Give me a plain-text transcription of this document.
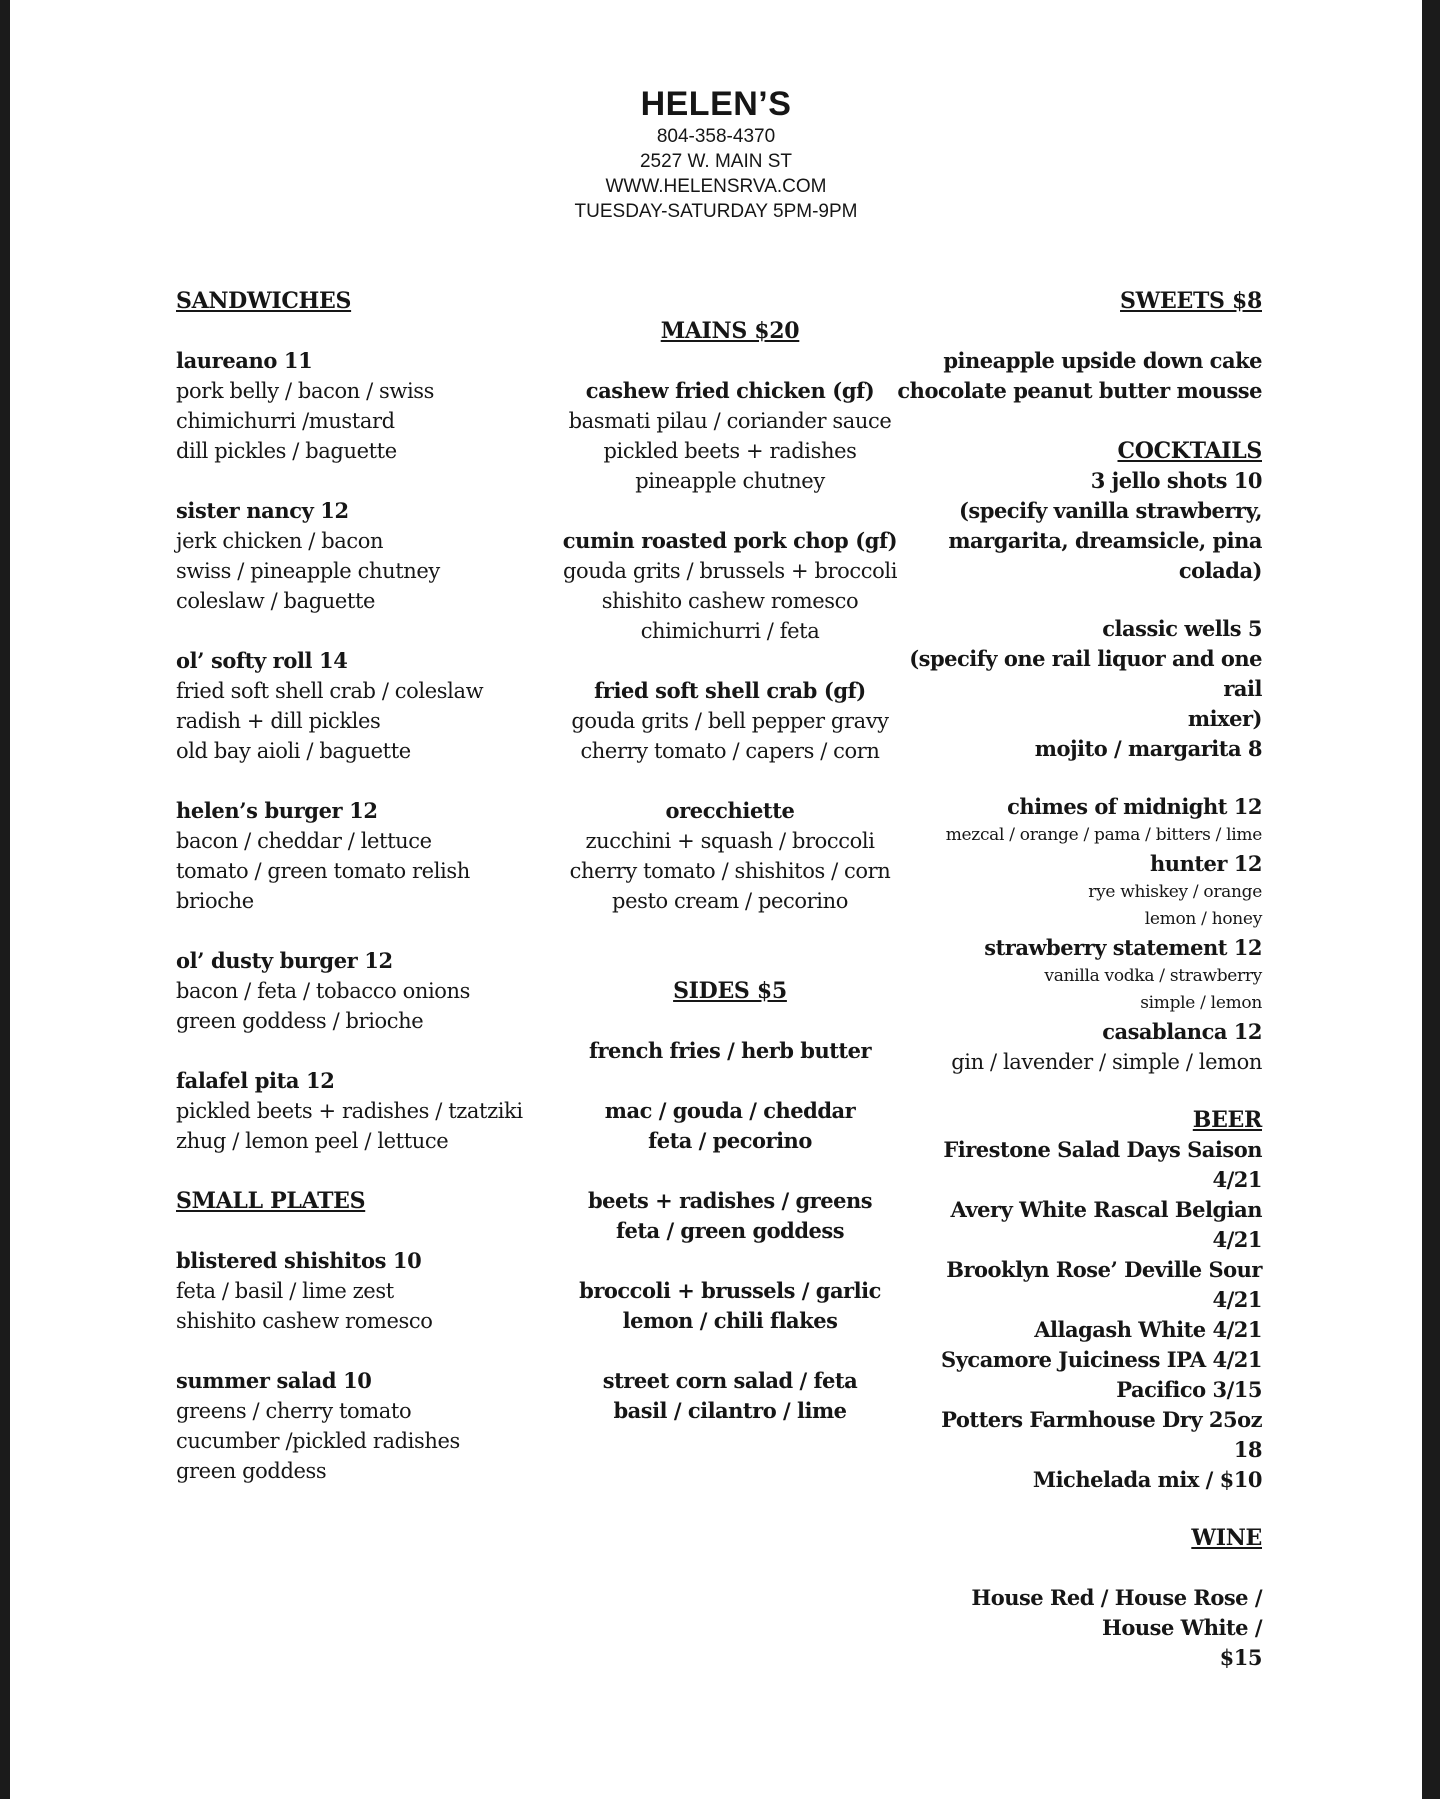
HELEN’S
804-358-4370
2527 W. MAIN ST
WWW.HELENSRVA.COM
TUESDAY-SATURDAY 5PM-9PM
SANDWICHES
laureano 11
pork belly / bacon / swiss
chimichurri /mustard
dill pickles / baguette
sister nancy 12
jerk chicken / bacon
swiss / pineapple chutney
coleslaw / baguette
ol’ softy roll 14
fried soft shell crab / coleslaw
radish + dill pickles
old bay aioli / baguette
helen’s burger 12
bacon / cheddar / lettuce
tomato / green tomato relish
brioche
ol’ dusty burger 12
bacon / feta / tobacco onions
green goddess / brioche
falafel pita 12
pickled beets + radishes / tzatziki
zhug / lemon peel / lettuce
SMALL PLATES
blistered shishitos 10
feta / basil / lime zest
shishito cashew romesco
summer salad 10
greens / cherry tomato
cucumber /pickled radishes
green goddess
MAINS $20
cashew fried chicken (gf)
basmati pilau / coriander sauce
pickled beets + radishes
pineapple chutney
cumin roasted pork chop (gf)
gouda grits / brussels + broccoli
shishito cashew romesco
chimichurri / feta
fried soft shell crab (gf)
gouda grits / bell pepper gravy
cherry tomato / capers / corn
orecchiette
zucchini + squash / broccoli
cherry tomato / shishitos / corn
pesto cream / pecorino
SIDES $5
french fries / herb butter
mac / gouda / cheddar
feta / pecorino
beets + radishes / greens
feta / green goddess
broccoli + brussels / garlic
lemon / chili flakes
street corn salad / feta
basil / cilantro / lime
SWEETS $8
pineapple upside down cake
chocolate peanut butter mousse
COCKTAILS
3 jello shots 10
(specify vanilla strawberry,
margarita, dreamsicle, pina
colada)
classic wells 5
(specify one rail liquor and one rail
mixer)
mojito / margarita 8
chimes of midnight 12
mezcal / orange / pama / bitters / lime
hunter 12
rye whiskey / orange
lemon / honey
strawberry statement 12
vanilla vodka / strawberry
simple / lemon
casablanca 12
gin / lavender / simple / lemon
BEER
Firestone Salad Days Saison
4/21
Avery White Rascal Belgian
4/21
Brooklyn Rose’ Deville Sour
4/21
Allagash White 4/21
Sycamore Juiciness IPA 4/21
Pacifico 3/15
Potters Farmhouse Dry 25oz
18
Michelada mix / $10
WINE
House Red / House Rose /
House White /
$15
